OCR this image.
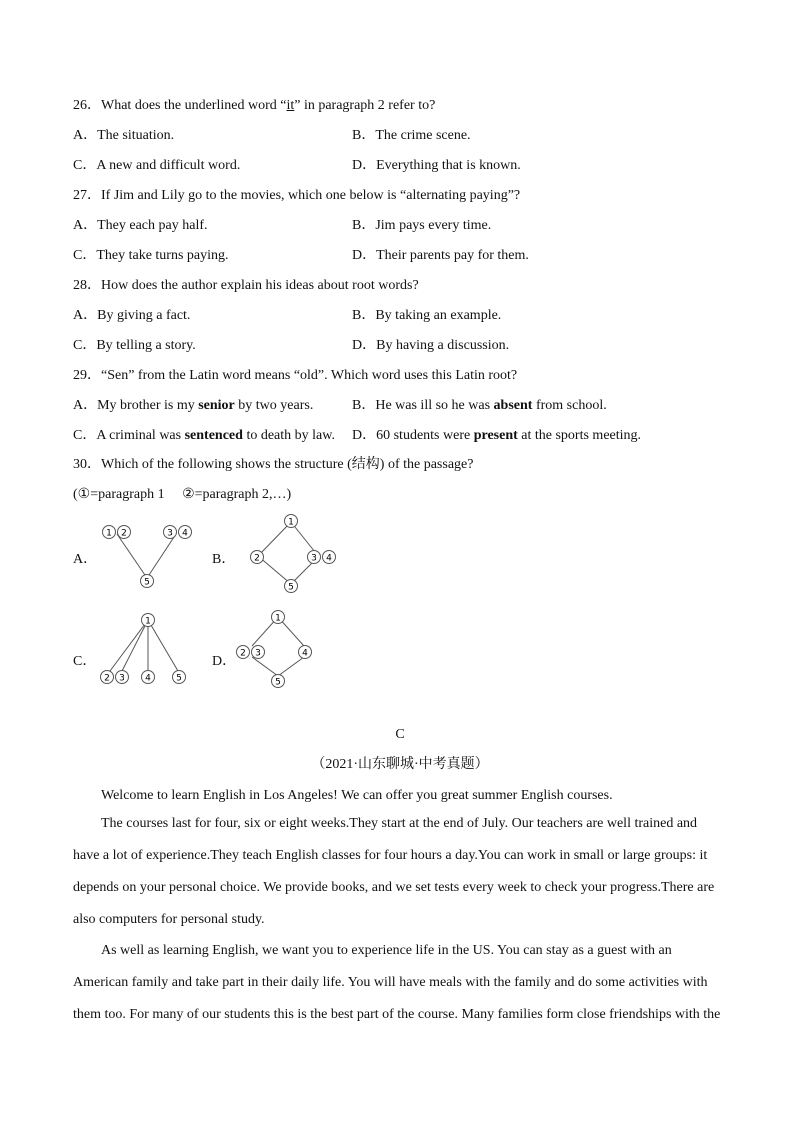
26．What does the underlined word “it” in paragraph 2 refer to?
A．The situation.	B．The crime scene.
C．A new and difficult word.	D．Everything that is known.
27．If Jim and Lily go to the movies, which one below is “alternating paying”?
A．They each pay half.	B．Jim pays every time.
C．They take turns paying.	D．Their parents pay for them.
28．How does the author explain his ideas about root words?
A．By giving a fact.	B．By taking an example.
C．By telling a story.	D．By having a discussion.
29．“Sen” from the Latin word means “old”. Which word uses this Latin root?
A．My brother is my senior by two years.	B．He was ill so he was absent from school.
C．A criminal was sentenced to death by law. D．60 students were present at the sports meeting.
30．Which of the following shows the structure (结构) of the passage?
(①=paragraph 1　 ②=paragraph 2,…)
A．
1 2	3 4
5
B．
1
2	3 4
5
C．
1
2 3 4	5
D．
1
2 3	4
5
C
（2021·山东聊城·中考真题）
Welcome to learn English in Los Angeles! We can offer you great summer English courses.
The courses last for four, six or eight weeks.They start at the end of July. Our teachers are well trained and
have a lot of experience.They teach English classes for four hours a day.You can work in small or large groups: it
depends on your personal choice. We provide books, and we set tests every week to check your progress.There are
also computers for personal study.
As well as learning English, we want you to experience life in the US. You can stay as a guest with an
American family and take part in their daily life. You will have meals with the family and do some activities with
them too. For many of our students this is the best part of the course. Many families form close friendships with the
